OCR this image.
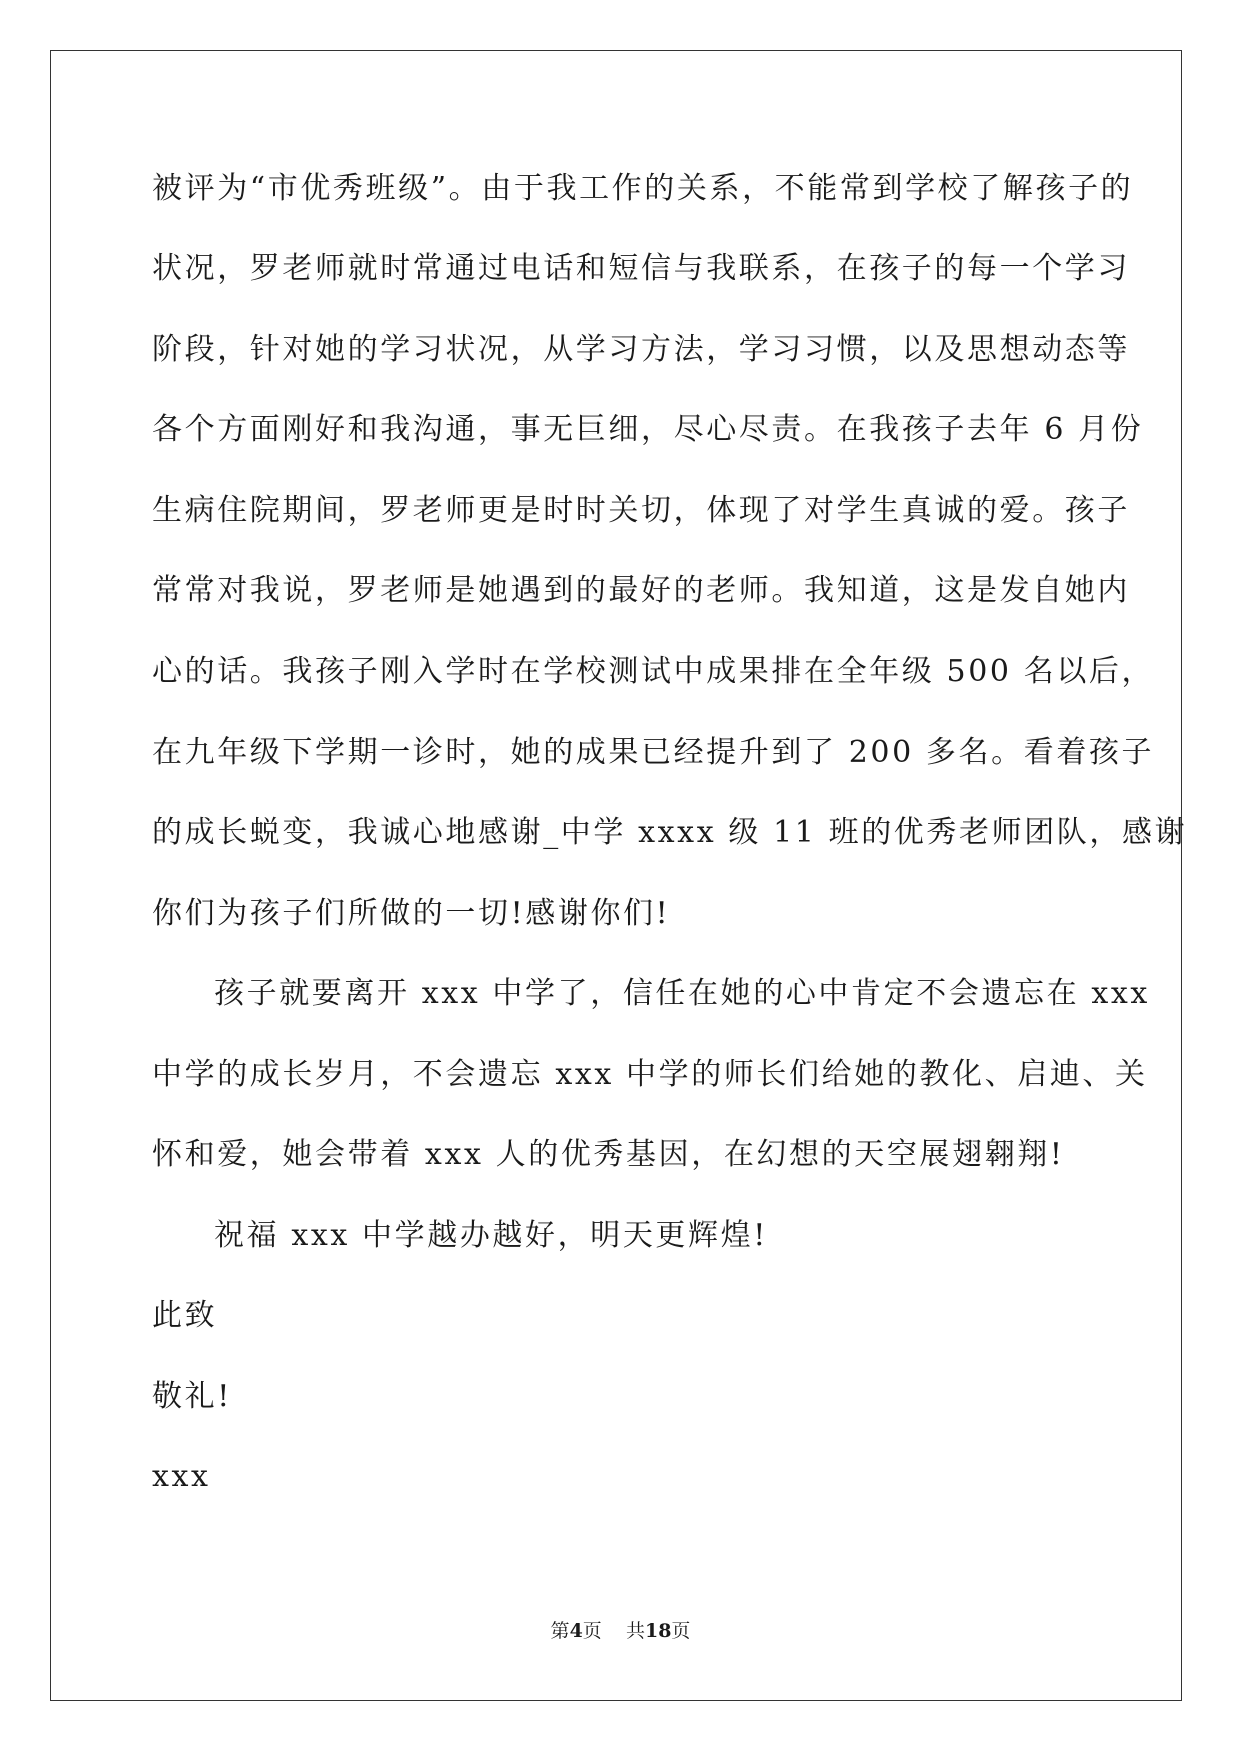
被评为“市优秀班级”。由于我工作的关系，不能常到学校了解孩子的
状况，罗老师就时常通过电话和短信与我联系，在孩子的每一个学习
阶段，针对她的学习状况，从学习方法，学习习惯，以及思想动态等
各个方面刚好和我沟通，事无巨细，尽心尽责。在我孩子去年 6 月份
生病住院期间，罗老师更是时时关切，体现了对学生真诚的爱。孩子
常常对我说，罗老师是她遇到的最好的老师。我知道，这是发自她内
心的话。我孩子刚入学时在学校测试中成果排在全年级 500 名以后，
在九年级下学期一诊时，她的成果已经提升到了 200 多名。看着孩子
的成长蜕变，我诚心地感谢_中学 xxxx 级 11 班的优秀老师团队，感谢
你们为孩子们所做的一切!感谢你们!
孩子就要离开 xxx 中学了，信任在她的心中肯定不会遗忘在 xxx
中学的成长岁月，不会遗忘 xxx 中学的师长们给她的教化、启迪、关
怀和爱，她会带着 xxx 人的优秀基因，在幻想的天空展翅翱翔!
祝福 xxx 中学越办越好，明天更辉煌!
此致
敬礼!
xxx
第4页    共18页
